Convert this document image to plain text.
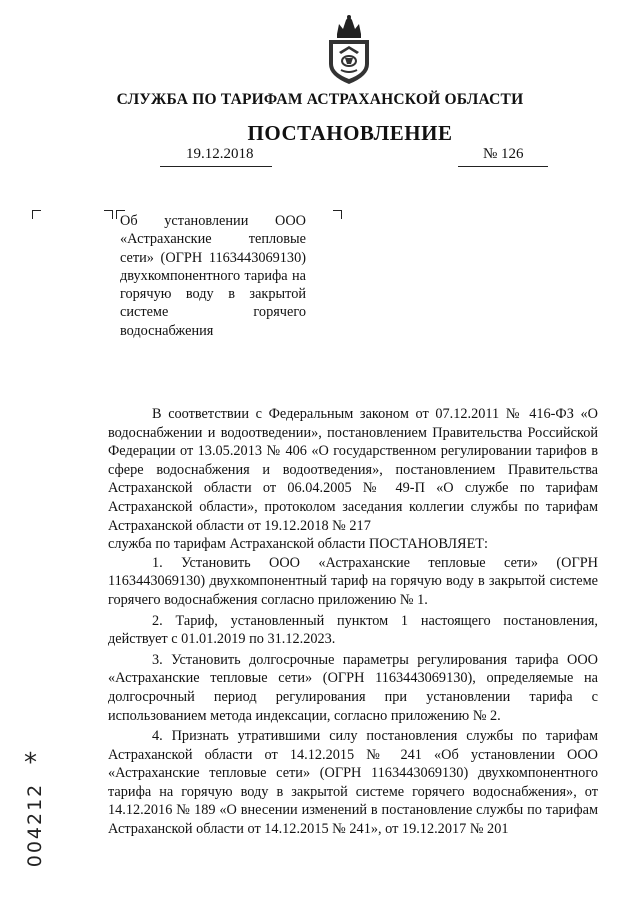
СЛУЖБА ПО ТАРИФАМ АСТРАХАНСКОЙ ОБЛАСТИ
ПОСТАНОВЛЕНИЕ
19.12.2018	№ 126
Об установлении ООО «Астраханские тепловые сети» (ОГРН 1163443069130) двухкомпонентного тарифа на горячую воду в закрытой системе горячего водоснабжения

В соответствии с Федеральным законом от 07.12.2011 № 416-ФЗ «О водоснабжении и водоотведении», постановлением Правительства Российской Федерации от 13.05.2013 № 406 «О государственном регулировании тарифов в сфере водоснабжения и водоотведения», постановлением Правительства Астраханской области от 06.04.2005 № 49-П «О службе по тарифам Астраханской области», протоколом заседания коллегии службы по тарифам Астраханской области от 19.12.2018 № 217

служба по тарифам Астраханской области ПОСТАНОВЛЯЕТ:

1. Установить ООО «Астраханские тепловые сети» (ОГРН 1163443069130) двухкомпонентный тариф на горячую воду в закрытой системе горячего водоснабжения согласно приложению № 1.

2. Тариф, установленный пунктом 1 настоящего постановления, действует с 01.01.2019 по 31.12.2023.

3. Установить долгосрочные параметры регулирования тарифа ООО «Астраханские тепловые сети» (ОГРН 1163443069130), определяемые на долгосрочный период регулирования при установлении тарифа с использованием метода индексации, согласно приложению № 2.

4. Признать утратившими силу постановления службы по тарифам Астраханской области от 14.12.2015 № 241 «Об установлении ООО «Астраханские тепловые сети» (ОГРН 1163443069130) двухкомпонентного тарифа на горячую воду в закрытой системе горячего водоснабжения», от 14.12.2016 № 189 «О внесении изменений в постановление службы по тарифам Астраханской области от 14.12.2015 № 241», от 19.12.2017 № 201

*
004212
